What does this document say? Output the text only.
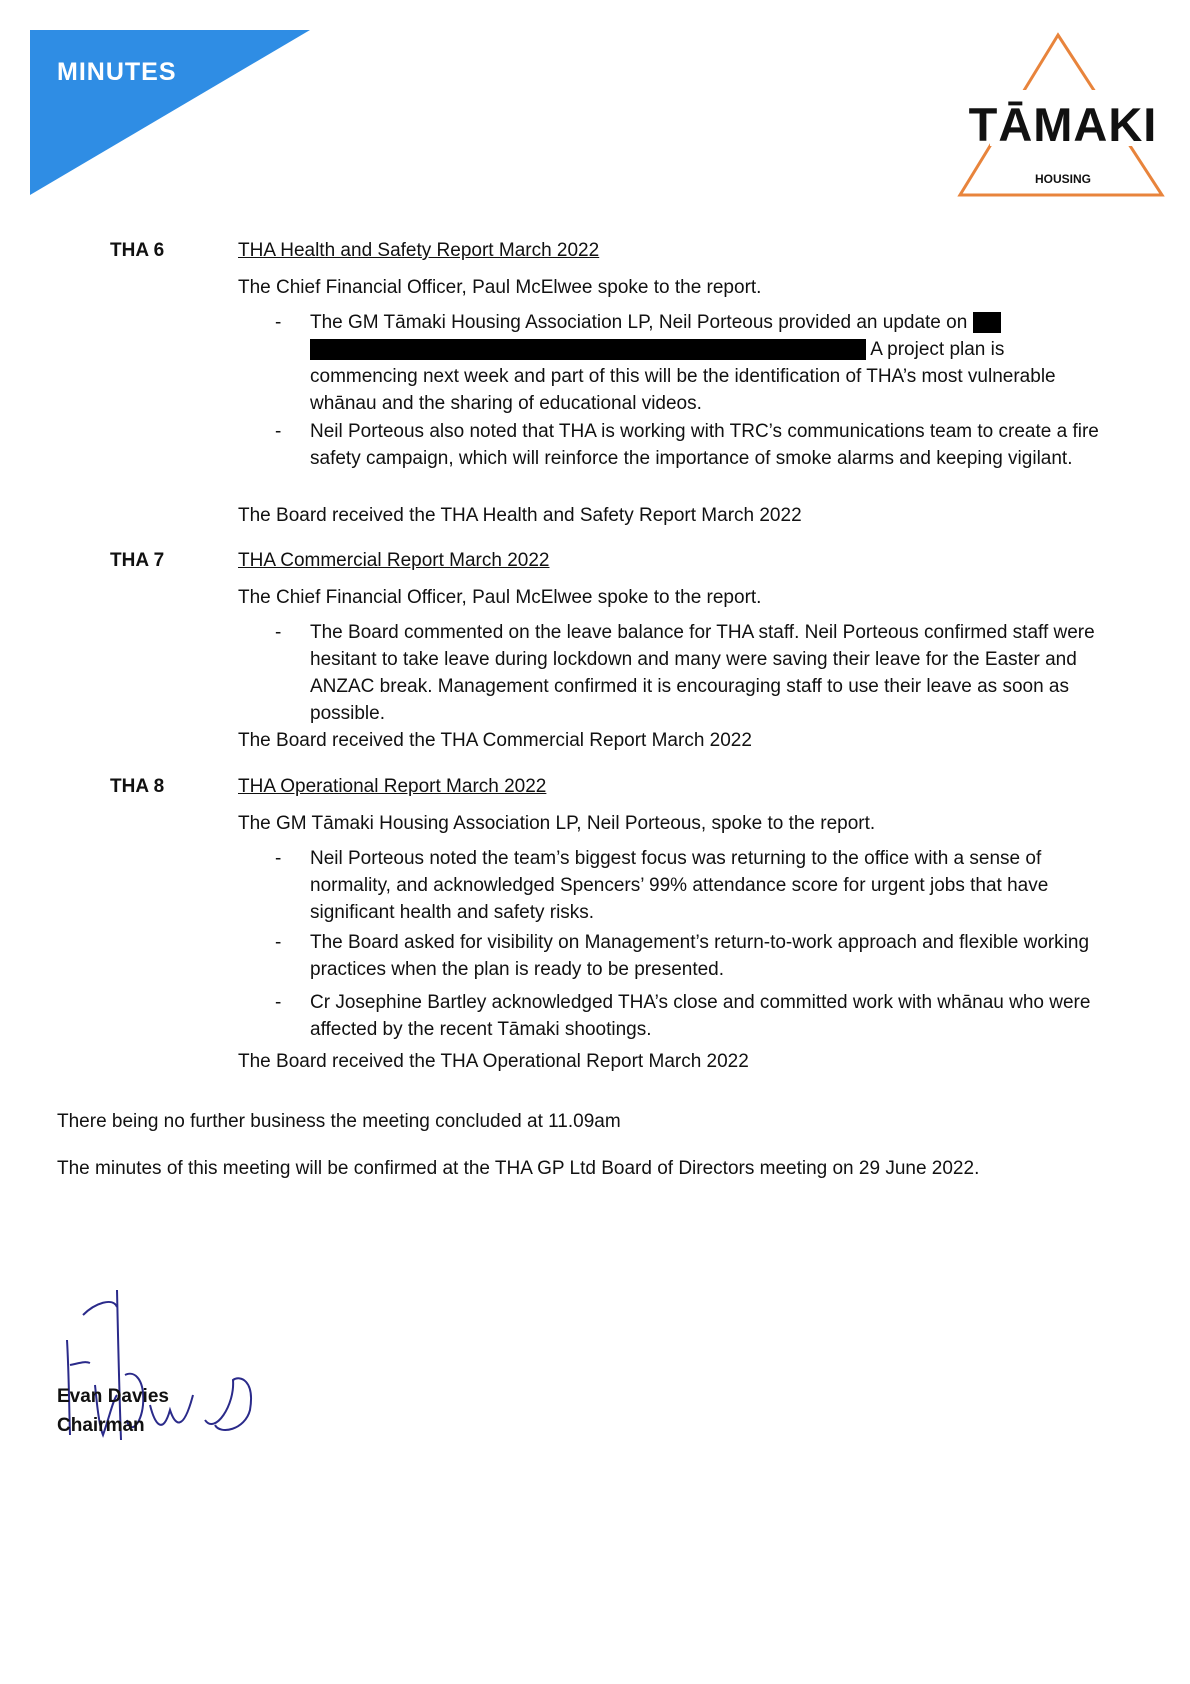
MINUTES
TĀMAKI
HOUSING
THA 6	THA Health and Safety Report March 2022
The Chief Financial Officer, Paul McElwee spoke to the report.
- The GM Tāmaki Housing Association LP, Neil Porteous provided an update on
A project plan is
commencing next week and part of this will be the identification of THA’s most vulnerable whānau and the sharing of educational videos.
- Neil Porteous also noted that THA is working with TRC’s communications team to create a fire safety campaign, which will reinforce the importance of smoke alarms and keeping vigilant.
The Board received the THA Health and Safety Report March 2022
THA 7	THA Commercial Report March 2022
The Chief Financial Officer, Paul McElwee spoke to the report.
- The Board commented on the leave balance for THA staff. Neil Porteous confirmed staff were hesitant to take leave during lockdown and many were saving their leave for the Easter and ANZAC break. Management confirmed it is encouraging staff to use their leave as soon as possible.
The Board received the THA Commercial Report March 2022
THA 8	THA Operational Report March 2022
The GM Tāmaki Housing Association LP, Neil Porteous, spoke to the report.
- Neil Porteous noted the team’s biggest focus was returning to the office with a sense of normality, and acknowledged Spencers’ 99% attendance score for urgent jobs that have significant health and safety risks.
- The Board asked for visibility on Management’s return-to-work approach and flexible working practices when the plan is ready to be presented.
- Cr Josephine Bartley acknowledged THA’s close and committed work with whānau who were affected by the recent Tāmaki shootings.
The Board received the THA Operational Report March 2022
There being no further business the meeting concluded at 11.09am
The minutes of this meeting will be confirmed at the THA GP Ltd Board of Directors meeting on 29 June 2022.
Evan Davies
Chairman
